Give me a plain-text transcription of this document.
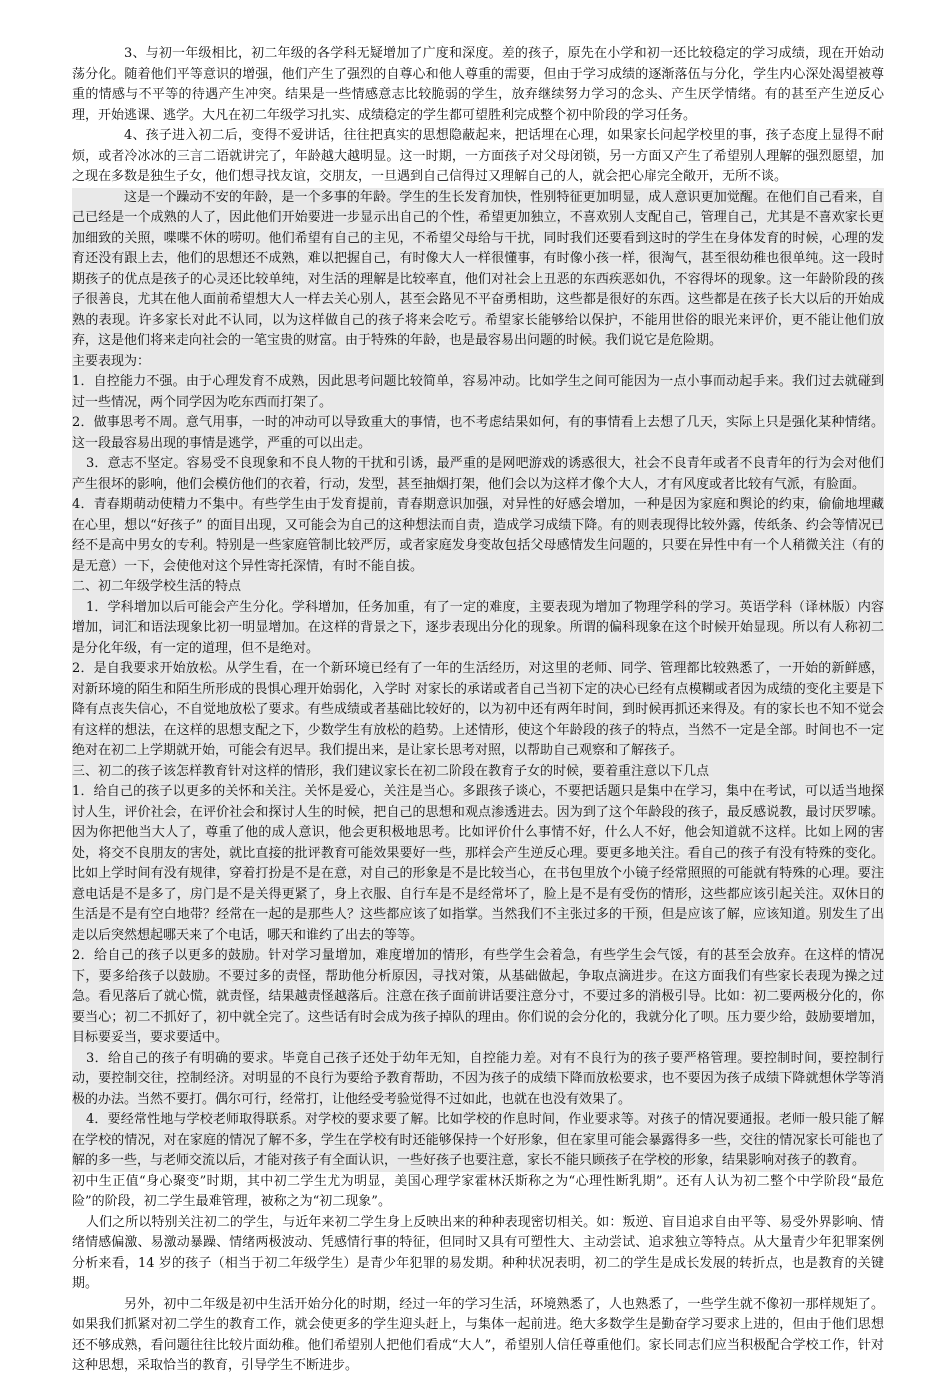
3、与初一年级相比，初二年级的各学科无疑增加了广度和深度。差的孩子，原先在小学和初一还比较稳定的学习成绩，现在开始动荡分化。随着他们平等意识的增强，他们产生了强烈的自尊心和他人尊重的需要，但由于学习成绩的逐渐落伍与分化，学生内心深处渴望被尊重的情感与不平等的待遇产生冲突。结果是一些情感意志比较脆弱的学生，放弃继续努力学习的念头、产生厌学情绪。有的甚至产生逆反心理，开始逃课、逃学。大凡在初二年级学习扎实、成绩稳定的学生都可望胜利完成整个初中阶段的学习任务。

4、孩子进入初二后，变得不爱讲话，往往把真实的思想隐蔽起来，把话埋在心理，如果家长问起学校里的事，孩子态度上显得不耐烦，或者冷冰冰的三言二语就讲完了，年龄越大越明显。这一时期，一方面孩子对父母闭锁，另一方面又产生了希望别人理解的强烈愿望，加之现在多数是独生子女，他们想寻找友谊，交朋友，一旦遇到自己信得过又理解自己的人，就会把心扉完全敞开，无所不谈。

这是一个躁动不安的年龄，是一个多事的年龄。学生的生长发育加快，性别特征更加明显，成人意识更加觉醒。在他们自己看来，自己已经是一个成熟的人了，因此他们开始要进一步显示出自己的个性，希望更加独立，不喜欢别人支配自己，管理自己，尤其是不喜欢家长更加细致的关照，喋喋不休的唠叨。他们希望有自己的主见，不希望父母给与干扰，同时我们还要看到这时的学生在身体发育的时候，心理的发育还没有跟上去，他们的思想还不成熟，难以把握自己，有时像大人一样很懂事，有时像小孩一样，很淘气，甚至很幼稚也很单纯。这一段时期孩子的优点是孩子的心灵还比较单纯，对生活的理解是比较率直，他们对社会上丑恶的东西疾恶如仇，不容得坏的现象。这一年龄阶段的孩子很善良，尤其在他人面前希望想大人一样去关心别人，甚至会路见不平奋勇相助，这些都是很好的东西。这些都是在孩子长大以后的开始成熟的表现。许多家长对此不认同，以为这样做自己的孩子将来会吃亏。希望家长能够给以保护，不能用世俗的眼光来评价，更不能让他们放弃，这是他们将来走向社会的一笔宝贵的财富。由于特殊的年龄，也是最容易出问题的时候。我们说它是危险期。

主要表现为：

1．自控能力不强。由于心理发育不成熟，因此思考问题比较简单，容易冲动。比如学生之间可能因为一点小事而动起手来。我们过去就碰到过一些情况，两个同学因为吃东西而打架了。

2．做事思考不周。意气用事，一时的冲动可以导致重大的事情，也不考虑结果如何，有的事情看上去想了几天，实际上只是强化某种情绪。这一段最容易出现的事情是逃学，严重的可以出走。

3．意志不坚定。容易受不良现象和不良人物的干扰和引诱，最严重的是网吧游戏的诱惑很大，社会不良青年或者不良青年的行为会对他们产生很坏的影响，他们会模仿他们的衣着，行动，发型，甚至抽烟打架，他们会以为这样才像个大人，才有风度或者比较有气派，有脸面。

4．青春期萌动使精力不集中。有些学生由于发育提前，青春期意识加强，对异性的好感会增加，一种是因为家庭和舆论的约束，偷偷地埋藏在心里，想以“好孩子” 的面目出现，又可能会为自己的这种想法而自责，造成学习成绩下降。有的则表现得比较外露，传纸条、约会等情况已经不是高中男女的专利。特别是一些家庭管制比较严厉，或者家庭发身变故包括父母感情发生问题的，只要在异性中有一个人稍微关注（有的是无意）一下，会使他对这个异性寄托深情，有时不能自拔。

二、初二年级学校生活的特点

1．学科增加以后可能会产生分化。学科增加，任务加重，有了一定的难度，主要表现为增加了物理学科的学习。英语学科（译林版）内容增加，词汇和语法现象比初一明显增加。在这样的背景之下，逐步表现出分化的现象。所谓的偏科现象在这个时候开始显现。所以有人称初二是分化年级，有一定的道理，但不是绝对。

2．是自我要求开始放松。从学生看，在一个新环境已经有了一年的生活经历，对这里的老师、同学、管理都比较熟悉了，一开始的新鲜感，对新环境的陌生和陌生所形成的畏惧心理开始弱化，入学时 对家长的承诺或者自己当初下定的决心已经有点模糊或者因为成绩的变化主要是下降有点丧失信心，不自觉地放松了要求。有些成绩或者基础比较好的，以为初中还有两年时间，到时候再抓还来得及。有的家长也不知不觉会有这样的想法，在这样的思想支配之下，少数学生有放松的趋势。上述情形，使这个年龄段的孩子的特点，当然不一定是全部。时间也不一定绝对在初二上学期就开始，可能会有迟早。我们提出来，是让家长思考对照，以帮助自己观察和了解孩子。

三、初二的孩子该怎样教育针对这样的情形，我们建议家长在初二阶段在教育子女的时候，要着重注意以下几点

1．给自己的孩子以更多的关怀和关注。关怀是爱心，关注是当心。多跟孩子谈心，不要把话题只是集中在学习，集中在考试，可以适当地探讨人生，评价社会，在评价社会和探讨人生的时候，把自己的思想和观点渗透进去。因为到了这个年龄段的孩子，最反感说教，最讨厌罗嗦。因为你把他当大人了，尊重了他的成人意识，他会更积极地思考。比如评价什么事情不好，什么人不好，他会知道就不这样。比如上网的害处，将交不良朋友的害处，就比直接的批评教育可能效果要好一些，那样会产生逆反心理。要更多地关注。看自己的孩子有没有特殊的变化。比如上学时间有没有规律，穿着打扮是不是在意，对自己的形象是不是比较当心，在书包里放个小镜子经常照照的可能就有特殊的心理。要注意电话是不是多了，房门是不是关得更紧了，身上衣服、自行车是不是经常坏了，脸上是不是有受伤的情形，这些都应该引起关注。双休日的生活是不是有空白地带？经常在一起的是那些人？这些都应该了如指掌。当然我们不主张过多的干预，但是应该了解，应该知道。别发生了出走以后突然想起哪天来了个电话，哪天和谁约了出去的等等。

2．给自己的孩子以更多的鼓励。针对学习量增加，难度增加的情形，有些学生会着急，有些学生会气馁，有的甚至会放弃。在这样的情况下，要多给孩子以鼓励。不要过多的责怪，帮助他分析原因，寻找对策，从基础做起，争取点滴进步。在这方面我们有些家长表现为操之过急。看见落后了就心慌，就责怪，结果越责怪越落后。注意在孩子面前讲话要注意分寸，不要过多的消极引导。比如：初二要两极分化的，你要当心；初二不抓好了，初中就全完了。这些话有时会成为孩子掉队的理由。你们说的会分化的，我就分化了呗。压力要少给，鼓励要增加，目标要妥当，要求要适中。

3．给自己的孩子有明确的要求。毕竟自己孩子还处于幼年无知，自控能力差。对有不良行为的孩子要严格管理。要控制时间，要控制行动，要控制交往，控制经济。对明显的不良行为要给予教育帮助，不因为孩子的成绩下降而放松要求，也不要因为孩子成绩下降就想休学等消极的办法。当然不要打。偶尔可行，经常打，让他经受考验觉得不过如此，也就在也没有效果了。

4．要经常性地与学校老师取得联系。对学校的要求要了解。比如学校的作息时间，作业要求等。对孩子的情况要通报。老师一般只能了解在学校的情况，对在家庭的情况了解不多，学生在学校有时还能够保持一个好形象，但在家里可能会暴露得多一些，交往的情况家长可能也了解的多一些，与老师交流以后，才能对孩子有全面认识，一些好孩子也要注意，家长不能只顾孩子在学校的形象，结果影响对孩子的教育。

初中生正值“身心聚变”时期，其中初二学生尤为明显，美国心理学家霍林沃斯称之为“心理性断乳期”。还有人认为初二整个中学阶段“最危险”的阶段，初二学生最难管理，被称之为“初二现象”。

人们之所以特别关注初二的学生，与近年来初二学生身上反映出来的种种表现密切相关。如：叛逆、盲目追求自由平等、易受外界影响、情绪情感偏激、易激动暴躁、情绪两极波动、凭感情行事的特征，但同时又具有可塑性大、主动尝试、追求独立等特点。从大量青少年犯罪案例分析来看，14 岁的孩子（相当于初二年级学生）是青少年犯罪的易发期。种种状况表明，初二的学生是成长发展的转折点，也是教育的关键期。

另外，初中二年级是初中生活开始分化的时期，经过一年的学习生活，环境熟悉了，人也熟悉了，一些学生就不像初一那样规矩了。如果我们抓紧对初二学生的教育工作，就会使更多的学生迎头赶上，与集体一起前进。绝大多数学生是勤奋学习要求上进的，但由于他们思想还不够成熟，看问题往往比较片面幼稚。他们希望别人把他们看成“大人”，希望别人信任尊重他们。家长同志们应当积极配合学校工作，针对这种思想，采取恰当的教育，引导学生不断进步。
